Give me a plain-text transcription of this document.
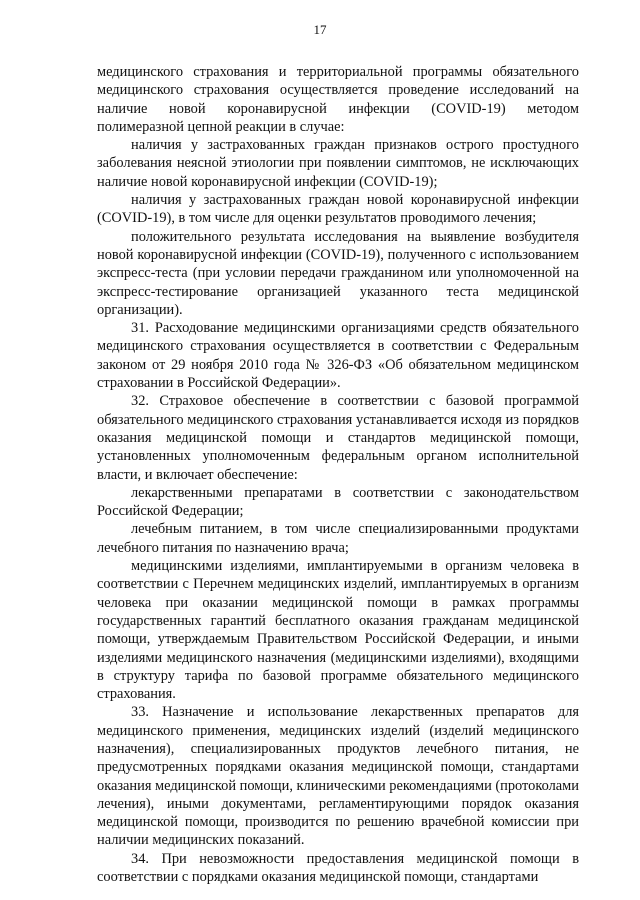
17

медицинского страхования и территориальной программы обязательного медицинского страхования осуществляется проведение исследований на наличие новой коронавирусной инфекции (COVID-19) методом полимеразной цепной реакции в случае:

наличия у застрахованных граждан признаков острого простудного заболевания неясной этиологии при появлении симптомов, не исключающих наличие новой коронавирусной инфекции (COVID-19);

наличия у застрахованных граждан новой коронавирусной инфекции (COVID-19), в том числе для оценки результатов проводимого лечения;

положительного результата исследования на выявление возбудителя новой коронавирусной инфекции (COVID-19), полученного с использованием экспресс-теста (при условии передачи гражданином или уполномоченной на экспресс-тестирование организацией указанного теста медицинской организации).

31. Расходование медицинскими организациями средств обязательного медицинского страхования осуществляется в соответствии с Федеральным законом от 29 ноября 2010 года № 326-ФЗ «Об обязательном медицинском страховании в Российской Федерации».

32. Страховое обеспечение в соответствии с базовой программой обязательного медицинского страхования устанавливается исходя из порядков оказания медицинской помощи и стандартов медицинской помощи, установленных уполномоченным федеральным органом исполнительной власти, и включает обеспечение:

лекарственными препаратами в соответствии с законодательством Российской Федерации;

лечебным питанием, в том числе специализированными продуктами лечебного питания по назначению врача;

медицинскими изделиями, имплантируемыми в организм человека в соответствии с Перечнем медицинских изделий, имплантируемых в организм человека при оказании медицинской помощи в рамках программы государственных гарантий бесплатного оказания гражданам медицинской помощи, утверждаемым Правительством Российской Федерации, и иными изделиями медицинского назначения (медицинскими изделиями), входящими в структуру тарифа по базовой программе обязательного медицинского страхования.

33. Назначение и использование лекарственных препаратов для медицинского применения, медицинских изделий (изделий медицинского назначения), специализированных продуктов лечебного питания, не предусмотренных порядками оказания медицинской помощи, стандартами оказания медицинской помощи, клиническими рекомендациями (протоколами лечения), иными документами, регламентирующими порядок оказания медицинской помощи, производится по решению врачебной комиссии при наличии медицинских показаний.

34. При невозможности предоставления медицинской помощи в соответствии с порядками оказания медицинской помощи, стандартами
